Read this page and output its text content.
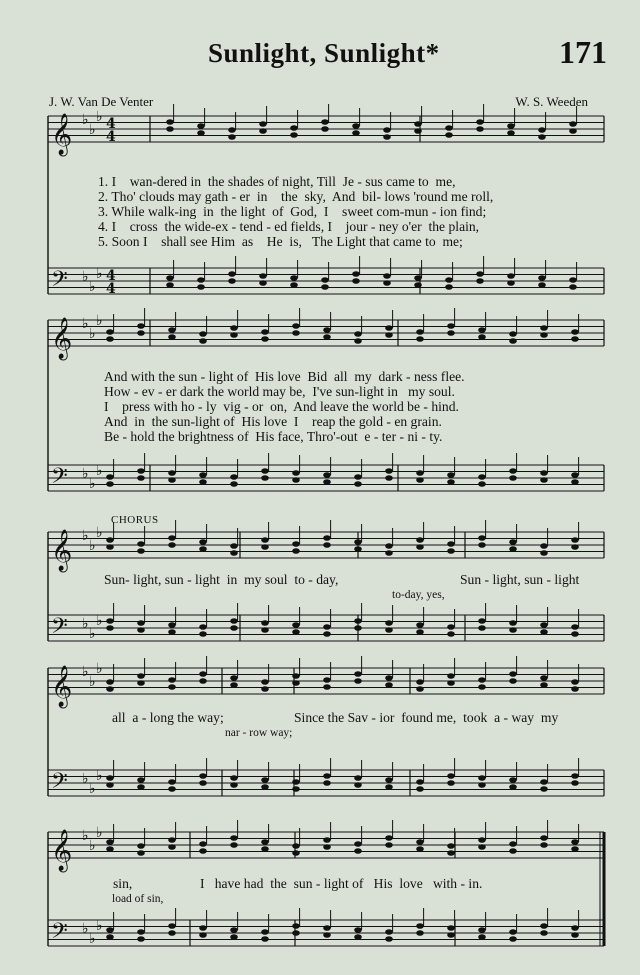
Sunlight, Sunlight*	171
J. W. Van De Venter	W. S. Weeden
𝄞 ♭
♭
♭ 4
4
𝄢 ♭
♭
♭ 4
4
𝄞 ♭
♭
♭
𝄢 ♭
♭
♭
𝄞 ♭
♭
♭
𝄢 ♭
♭
♭
𝄞 ♭
♭
♭
𝄢 ♭
♭
♭
𝄞 ♭
♭
♭
𝄢 ♭
♭
♭
1. I    wan-dered in  the shades of night, Till  Je - sus came to  me,
2. Tho' clouds may gath - er  in    the  sky,  And  bil- lows 'round me roll,
3. While walk-ing  in  the light  of  God,  I    sweet com-mun - ion find;
4. I    cross  the wide-ex - tend - ed fields, I    jour - ney o'er  the plain,
5. Soon I    shall see Him  as    He  is,   The Light that came to  me;
And with the sun - light of  His love  Bid  all  my  dark - ness flee.
How - ev - er dark the world may be,  I've sun-light in   my soul.
I    press with ho - ly  vig - or  on,  And leave the world be - hind.
And  in  the sun-light of  His love  I    reap the gold - en grain.
Be - hold the brightness of  His face, Thro'-out  e - ter - ni - ty.
CHORUS
Sun- light, sun - light  in  my soul  to - day,	Sun - light, sun - light
to-day, yes,
all  a - long the way;	Since the Sav - ior  found me,  took  a - way  my
nar - row way;
sin,	I   have had  the  sun - light of   His  love   with - in.
load of sin,
